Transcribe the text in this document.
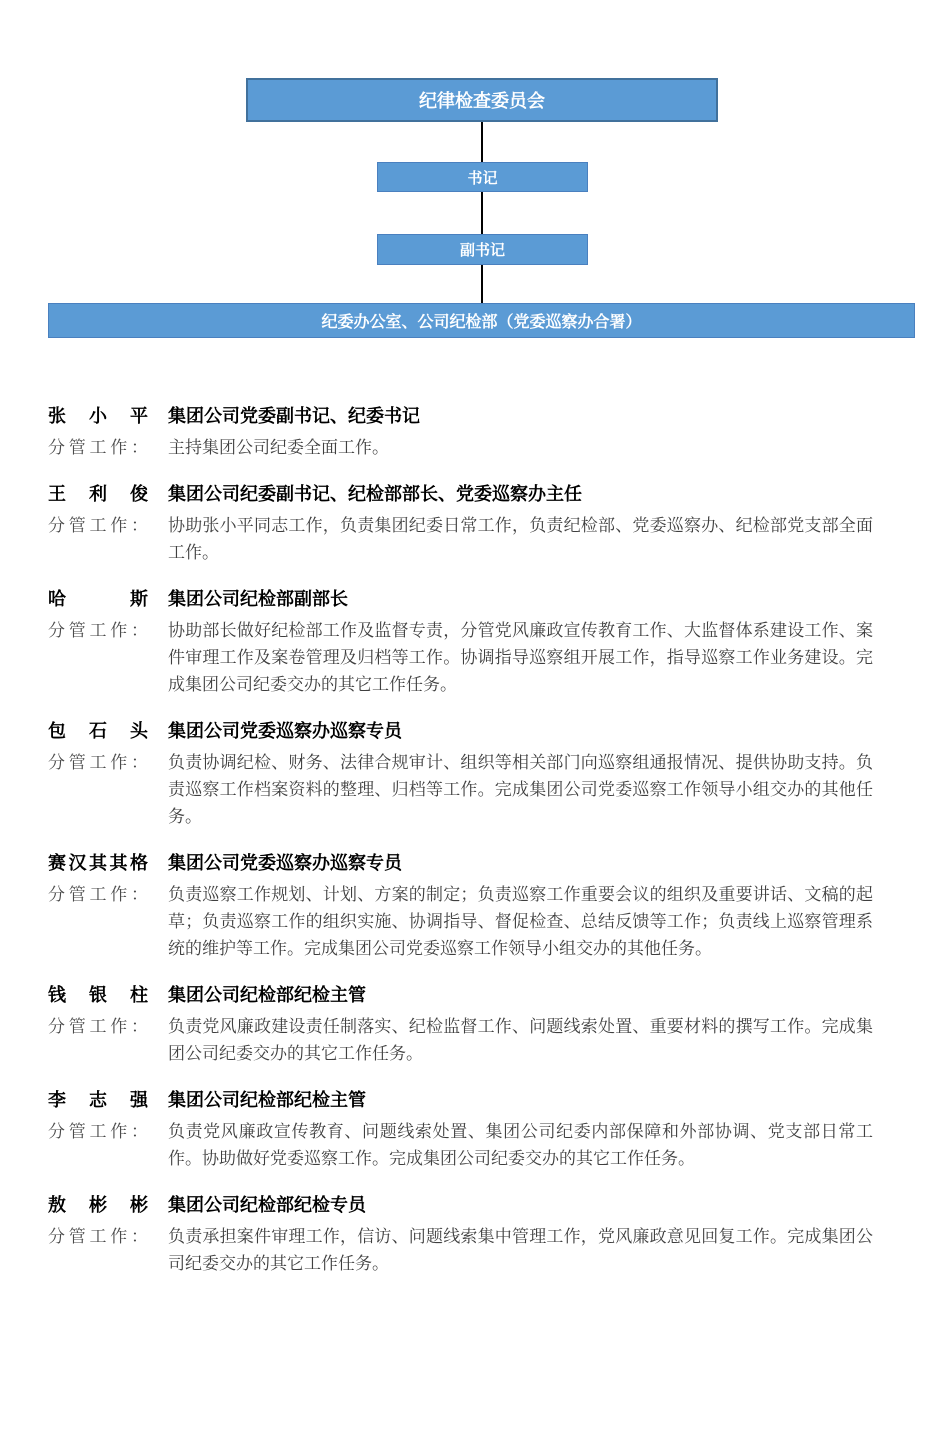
纪律检查委员会
书记
副书记
纪委办公室、公司纪检部（党委巡察办合署）
张小平 集团公司党委副书记、纪委书记
分管工作： 主持集团公司纪委全面工作。
王利俊 集团公司纪委副书记、纪检部部长、党委巡察办主任
分管工作： 协助张小平同志工作，负责集团纪委日常工作，负责纪检部、党委巡察办、纪检部党支部全面工作。
哈斯 集团公司纪检部副部长
分管工作： 协助部长做好纪检部工作及监督专责，分管党风廉政宣传教育工作、大监督体系建设工作、案件审理工作及案卷管理及归档等工作。协调指导巡察组开展工作，指导巡察工作业务建设。完成集团公司纪委交办的其它工作任务。
包石头 集团公司党委巡察办巡察专员
分管工作： 负责协调纪检、财务、法律合规审计、组织等相关部门向巡察组通报情况、提供协助支持。负责巡察工作档案资料的整理、归档等工作。完成集团公司党委巡察工作领导小组交办的其他任务。
赛汉其其格 集团公司党委巡察办巡察专员
分管工作： 负责巡察工作规划、计划、方案的制定；负责巡察工作重要会议的组织及重要讲话、文稿的起草；负责巡察工作的组织实施、协调指导、督促检查、总结反馈等工作；负责线上巡察管理系统的维护等工作。完成集团公司党委巡察工作领导小组交办的其他任务。
钱银柱 集团公司纪检部纪检主管
分管工作： 负责党风廉政建设责任制落实、纪检监督工作、问题线索处置、重要材料的撰写工作。完成集团公司纪委交办的其它工作任务。
李志强 集团公司纪检部纪检主管
分管工作： 负责党风廉政宣传教育、问题线索处置、集团公司纪委内部保障和外部协调、党支部日常工作。协助做好党委巡察工作。完成集团公司纪委交办的其它工作任务。
敖彬彬 集团公司纪检部纪检专员
分管工作： 负责承担案件审理工作，信访、问题线索集中管理工作，党风廉政意见回复工作。完成集团公司纪委交办的其它工作任务。
